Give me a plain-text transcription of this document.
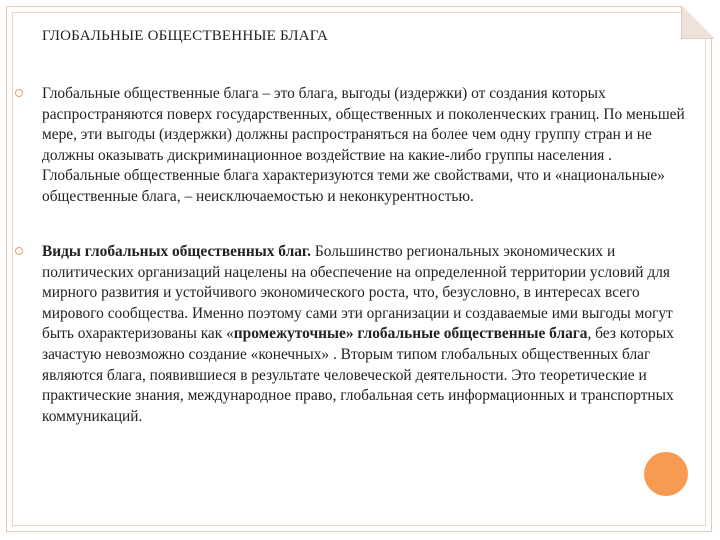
ГЛОБАЛЬНЫЕ ОБЩЕСТВЕННЫЕ БЛАГА

Глобальные общественные блага – это блага, выгоды (издержки) от создания которых распространяются поверх государственных, общественных и поколенческих границ. По меньшей мере, эти выгоды (издержки) должны распространяться на более чем одну группу стран и не должны оказывать дискриминационное воздействие на какие-либо группы населения . Глобальные общественные блага характеризуются теми же свойствами, что и «национальные» общественные блага, – неисключаемостью и неконкурентностью.

Виды глобальных общественных благ. Большинство региональных экономических и политических организаций нацелены на обеспечение на определенной территории условий для мирного развития и устойчивого экономического роста, что, безусловно, в интересах всего мирового сообщества. Именно поэтому сами эти организации и создаваемые ими выгоды могут быть охарактеризованы как «промежуточные» глобальные общественные блага, без которых зачастую невозможно создание «конечных» . Вторым типом глобальных общественных благ являются блага, появившиеся в результате человеческой деятельности. Это теоретические и практические знания, международное право, глобальная сеть информационных и транспортных коммуникаций.
